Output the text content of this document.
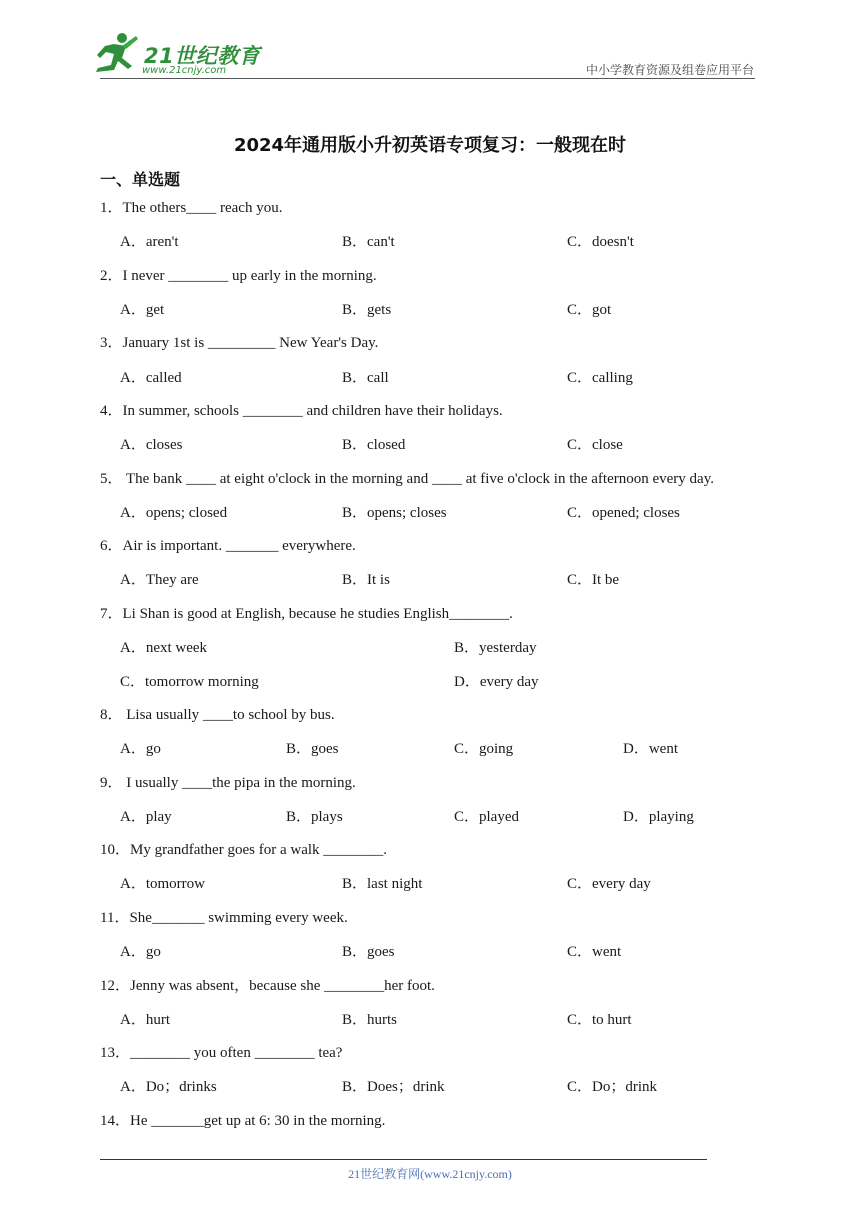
21世纪教育
www.21cnjy.com	中小学教育资源及组卷应用平台
2024年通用版小升初英语专项复习：一般现在时
一、单选题
1．The others____ reach you.
A．aren't	B．can't	C．doesn't
2．I never ________ up early in the morning.
A．get	B．gets	C．got
3．January 1st is _________ New Year's Day.
A．called	B．call	C．calling
4．In summer, schools ________ and children have their holidays.
A．closes	B．closed	C．close
5． The bank ____ at eight o'clock in the morning and ____ at five o'clock in the afternoon every day.
A．opens; closed	B．opens; closes	C．opened; closes
6．Air is important. _______ everywhere.
A．They are	B．It is	C．It be
7．Li Shan is good at English, because he studies English________.
A．next week	B．yesterday
C．tomorrow morning	D．every day
8． Lisa usually ____to school by bus.
A．go	B．goes	C．going	D．went
9． I usually ____the pipa in the morning.
A．play	B．plays	C．played	D．playing
10．My grandfather goes for a walk ________.
A．tomorrow	B．last night	C．every day
11．She_______ swimming every week.
A．go	B．goes	C．went
12．Jenny was absent，because she ________her foot.
A．hurt	B．hurts	C．to hurt
13．________ you often ________ tea?
A．Do；drinks	B．Does；drink	C．Do；drink
14．He _______get up at 6: 30 in the morning.
21世纪教育网(www.21cnjy.com)
